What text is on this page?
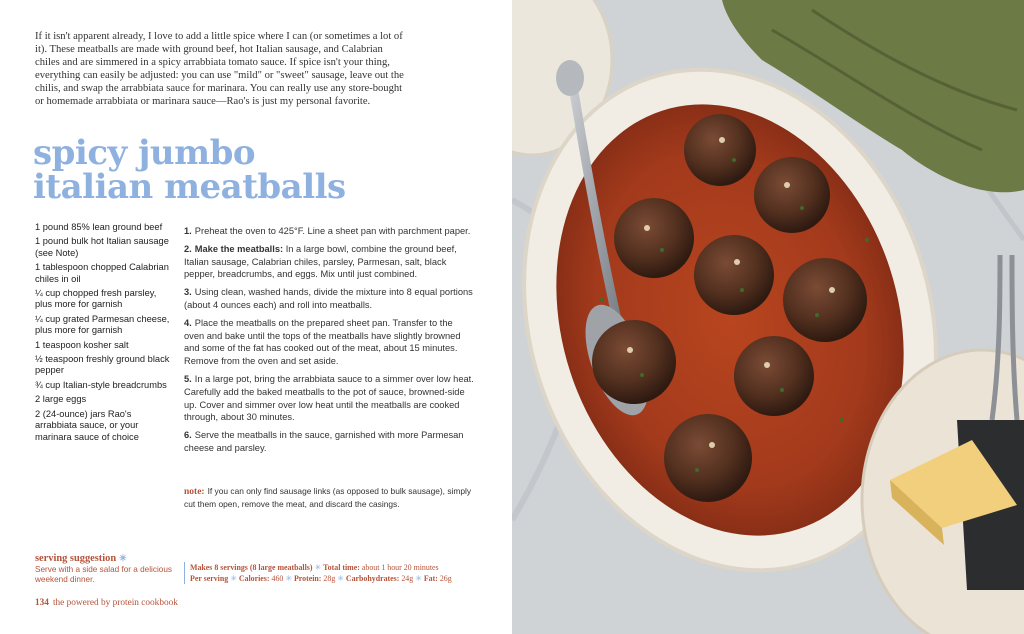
If it isn't apparent already, I love to add a little spice where I can (or sometimes a lot of it). These meatballs are made with ground beef, hot Italian sausage, and Calabrian chiles and are simmered in a spicy arrabbiata tomato sauce. If spice isn't your thing, everything can easily be adjusted: you can use "mild" or "sweet" sausage, leave out the chilis, and swap the arrabbiata sauce for marinara. You can really use any store-bought or homemade arrabbiata or marinara sauce—Rao's is just my personal favorite.

spicy jumbo
italian meatballs
1 pound 85% lean ground beef
1 pound bulk hot Italian sausage (see Note)
1 tablespoon chopped Calabrian chiles in oil
¼ cup chopped fresh parsley, plus more for garnish
¼ cup grated Parmesan cheese, plus more for garnish
1 teaspoon kosher salt
½ teaspoon freshly ground black pepper
¾ cup Italian-style breadcrumbs
2 large eggs
2 (24-ounce) jars Rao's arrabbiata sauce, or your marinara sauce of choice
1. Preheat the oven to 425°F. Line a sheet pan with parchment paper.
2. Make the meatballs: In a large bowl, combine the ground beef, Italian sausage, Calabrian chiles, parsley, Parmesan, salt, black pepper, breadcrumbs, and eggs. Mix until just combined.
3. Using clean, washed hands, divide the mixture into 8 equal portions (about 4 ounces each) and roll into meatballs.
4. Place the meatballs on the prepared sheet pan. Transfer to the oven and bake until the tops of the meatballs have slightly browned and some of the fat has cooked out of the meat, about 15 minutes. Remove from the oven and set aside.
5. In a large pot, bring the arrabbiata sauce to a simmer over low heat. Carefully add the baked meatballs to the pot of sauce, browned-side up. Cover and simmer over low heat until the meatballs are cooked through, about 30 minutes.
6. Serve the meatballs in the sauce, garnished with more Parmesan cheese and parsley.

note: If you can only find sausage links (as opposed to bulk sausage), simply cut them open, remove the meat, and discard the casings.

serving suggestion ✳
Serve with a side salad for a delicious weekend dinner.
Makes 8 servings (8 large meatballs) ✳ Total time: about 1 hour 20 minutes
Per serving ✳ Calories: 460 ✳ Protein: 28g ✳ Carbohydrates: 24g ✳ Fat: 26g
134 the powered by protein cookbook
